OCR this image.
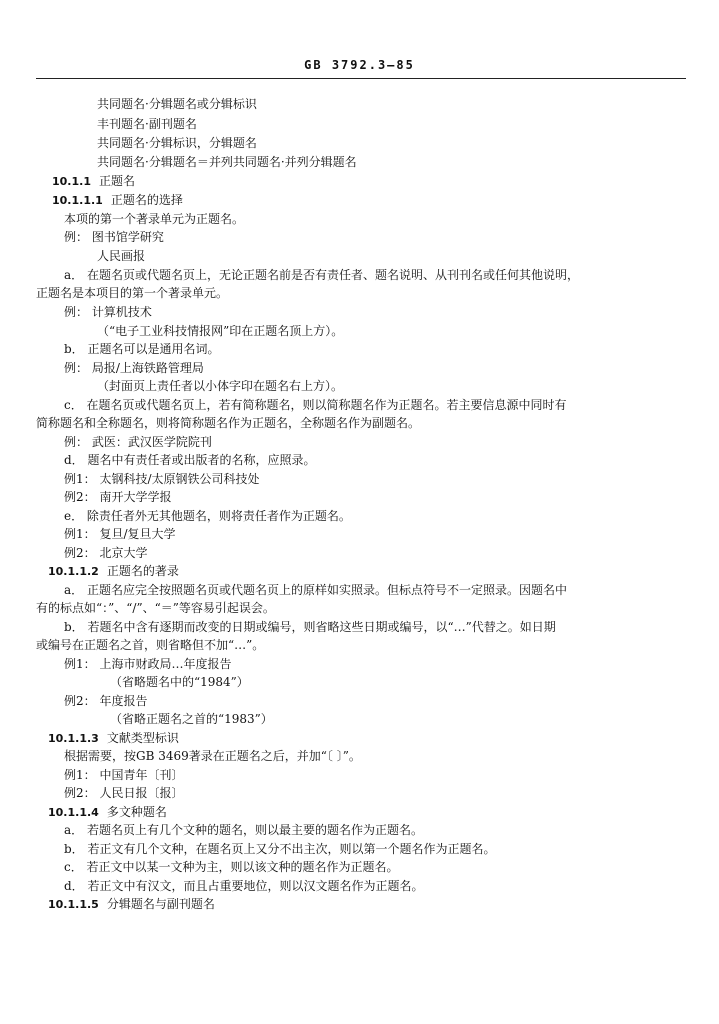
GB 3792.3—85
共同题名·分辑题名或分辑标识
丰刊题名·副刊题名
共同题名·分辑标识，分辑题名
共同题名·分辑题名＝并列共同题名·并列分辑题名
10.1.1 正题名
10.1.1.1 正题名的选择
本项的第一个著录单元为正题名。
例： 图书馆学研究
人民画报
a． 在题名页或代题名页上，无论正题名前是否有责任者、题名说明、从刊刊名或任何其他说明，
正题名是本项目的第一个著录单元。
例： 计算机技术
（“电子工业科技情报网”印在正题名顶上方）。
b． 正题名可以是通用名词。
例： 局报/上海铁路管理局
（封面页上责任者以小体字印在题名右上方）。
c． 在题名页或代题名页上，若有简称题名，则以简称题名作为正题名。若主要信息源中同时有
简称题名和全称题名，则将简称题名作为正题名，全称题名作为副题名。
例： 武医：武汉医学院院刊
d． 题名中有责任者或出版者的名称，应照录。
例1： 太钢科技/太原钢铁公司科技处
例2： 南开大学学报
e． 除责任者外无其他题名，则将责任者作为正题名。
例1： 复旦/复旦大学
例2： 北京大学
10.1.1.2 正题名的著录
a． 正题名应完全按照题名页或代题名页上的原样如实照录。但标点符号不一定照录。因题名中
有的标点如“：”、“/”、“＝”等容易引起误会。
b． 若题名中含有逐期而改变的日期或编号，则省略这些日期或编号，以“…”代替之。如日期
或编号在正题名之首，则省略但不加“…”。
例1： 上海市财政局…年度报告
（省略题名中的“1984”）
例2： 年度报告
（省略正题名之首的“1983”）
10.1.1.3 文献类型标识
根据需要，按GB 3469著录在正题名之后，并加“〔 〕”。
例1： 中国青年〔刊〕
例2： 人民日报〔报〕
10.1.1.4 多文种题名
a． 若题名页上有几个文种的题名，则以最主要的题名作为正题名。
b． 若正文有几个文种，在题名页上又分不出主次，则以第一个题名作为正题名。
c． 若正文中以某一文种为主，则以该文种的题名作为正题名。
d． 若正文中有汉文，而且占重要地位，则以汉文题名作为正题名。
10.1.1.5 分辑题名与副刊题名
